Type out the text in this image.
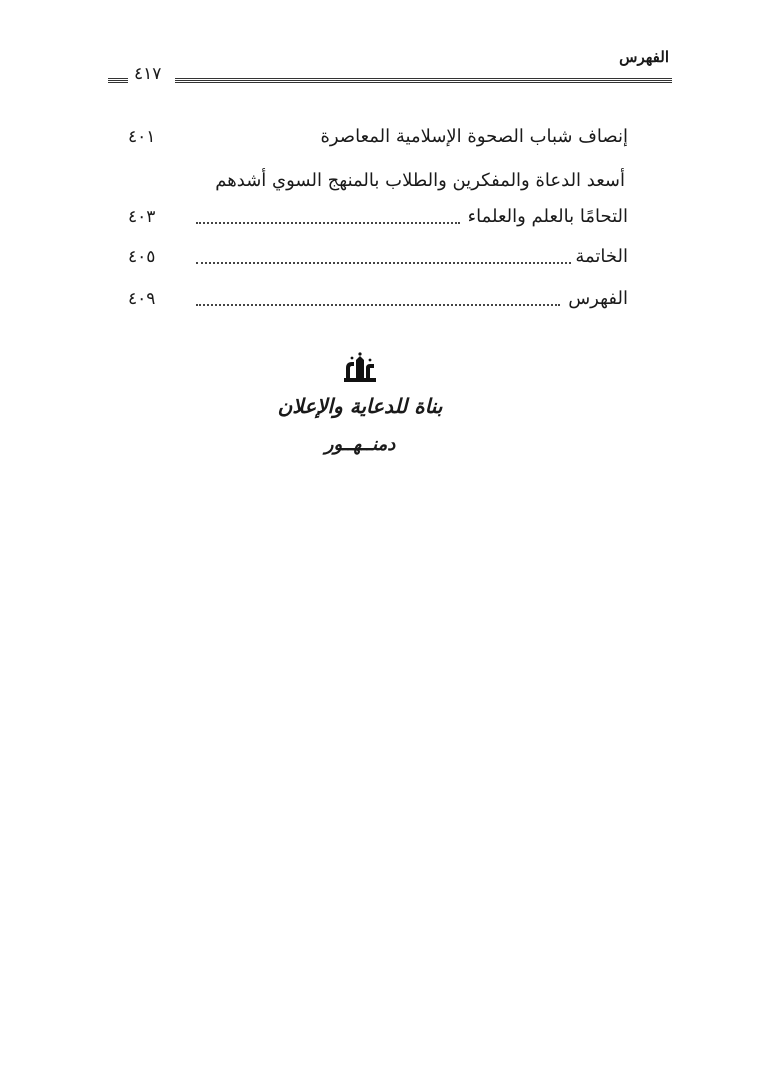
الفهرس
٤١٧
إنصاف شباب الصحوة الإسلامية المعاصرة
٤٠١
أسعد الدعاة والمفكرين والطلاب بالمنهج السوي أشدهم
التحامًا بالعلم والعلماء
٤٠٣
الخاتمة
٤٠٥
الفهرس
٤٠٩
بناة للدعاية والإعلان
دمنــهــور
